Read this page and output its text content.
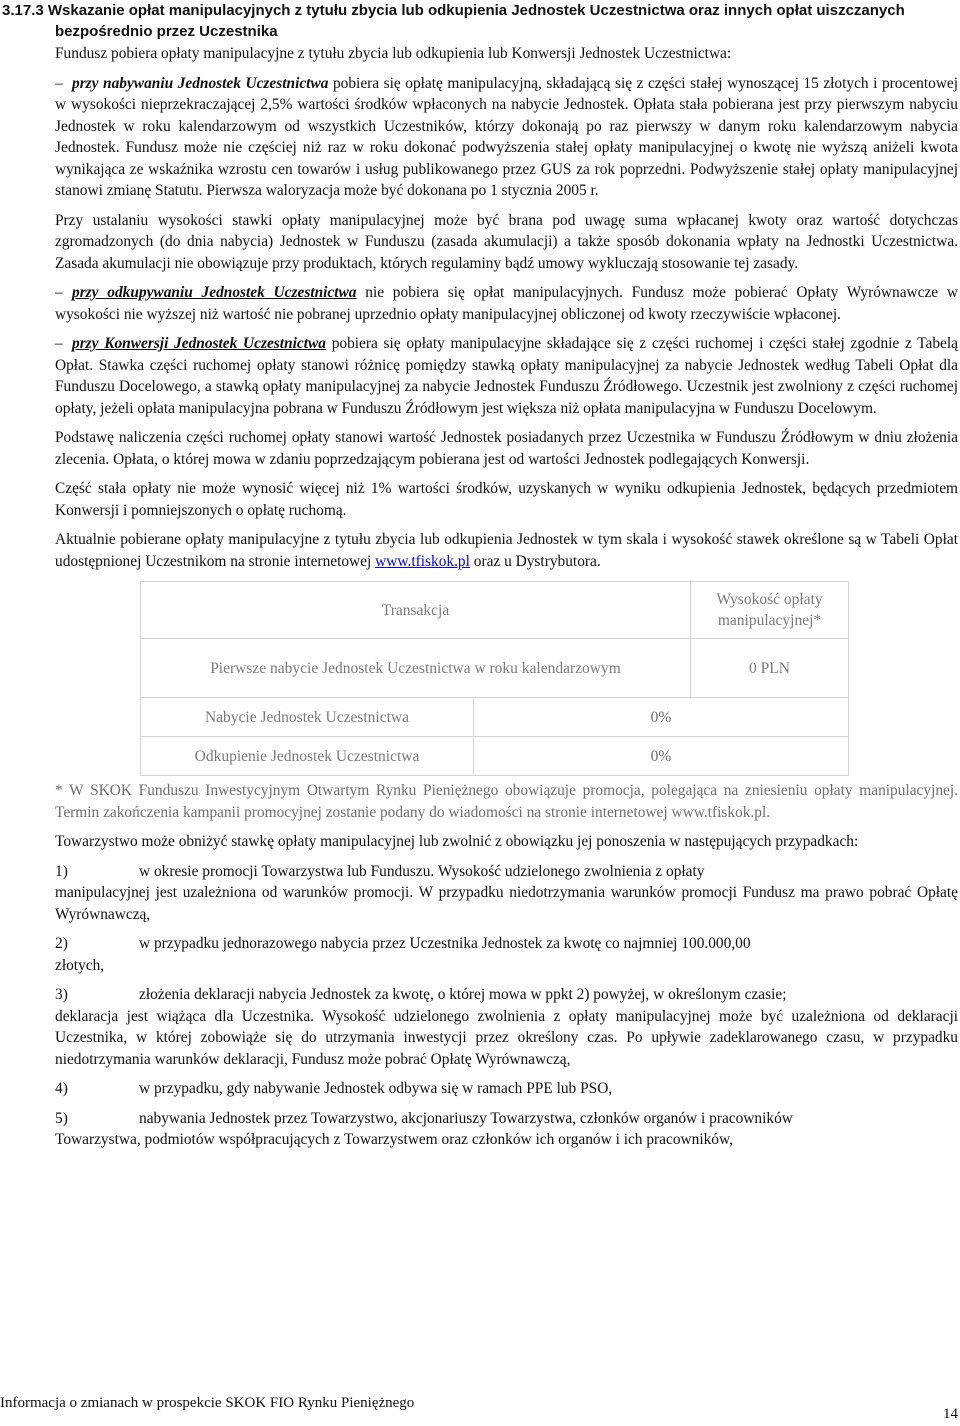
3.17.3 Wskazanie opłat manipulacyjnych z tytułu zbycia lub odkupienia Jednostek Uczestnictwa oraz innych opłat uiszczanych bezpośrednio przez Uczestnika
Fundusz pobiera opłaty manipulacyjne z tytułu zbycia lub odkupienia lub Konwersji Jednostek Uczestnictwa:
– przy nabywaniu Jednostek Uczestnictwa pobiera się opłatę manipulacyjną, składającą się z części stałej wynoszącej 15 złotych i procentowej w wysokości nieprzekraczającej 2,5% wartości środków wpłaconych na nabycie Jednostek. Opłata stała pobierana jest przy pierwszym nabyciu Jednostek w roku kalendarzowym od wszystkich Uczestników, którzy dokonają po raz pierwszy w danym roku kalendarzowym nabycia Jednostek. Fundusz może nie częściej niż raz w roku dokonać podwyższenia stałej opłaty manipulacyjnej o kwotę nie wyższą aniżeli kwota wynikająca ze wskaźnika wzrostu cen towarów i usług publikowanego przez GUS za rok poprzedni. Podwyższenie stałej opłaty manipulacyjnej stanowi zmianę Statutu. Pierwsza waloryzacja może być dokonana po 1 stycznia 2005 r.
Przy ustalaniu wysokości stawki opłaty manipulacyjnej może być brana pod uwagę suma wpłacanej kwoty oraz wartość dotychczas zgromadzonych (do dnia nabycia) Jednostek w Funduszu (zasada akumulacji) a także sposób dokonania wpłaty na Jednostki Uczestnictwa. Zasada akumulacji nie obowiązuje przy produktach, których regulaminy bądź umowy wykluczają stosowanie tej zasady.
– przy odkupywaniu Jednostek Uczestnictwa nie pobiera się opłat manipulacyjnych. Fundusz może pobierać Opłaty Wyrównawcze w wysokości nie wyższej niż wartość nie pobranej uprzednio opłaty manipulacyjnej obliczonej od kwoty rzeczywiście wpłaconej.
– przy Konwersji Jednostek Uczestnictwa pobiera się opłaty manipulacyjne składające się z części ruchomej i części stałej zgodnie z Tabelą Opłat. Stawka części ruchomej opłaty stanowi różnicę pomiędzy stawką opłaty manipulacyjnej za nabycie Jednostek według Tabeli Opłat dla Funduszu Docelowego, a stawką opłaty manipulacyjnej za nabycie Jednostek Funduszu Źródłowego. Uczestnik jest zwolniony z części ruchomej opłaty, jeżeli opłata manipulacyjna pobrana w Funduszu Źródłowym jest większa niż opłata manipulacyjna w Funduszu Docelowym.
Podstawę naliczenia części ruchomej opłaty stanowi wartość Jednostek posiadanych przez Uczestnika w Funduszu Źródłowym w dniu złożenia zlecenia. Opłata, o której mowa w zdaniu poprzedzającym pobierana jest od wartości Jednostek podlegających Konwersji.
Część stała opłaty nie może wynosić więcej niż 1% wartości środków, uzyskanych w wyniku odkupienia Jednostek, będących przedmiotem Konwersji i pomniejszonych o opłatę ruchomą.
Aktualnie pobierane opłaty manipulacyjne z tytułu zbycia lub odkupienia Jednostek w tym skala i wysokość stawek określone są w Tabeli Opłat udostępnionej Uczestnikom na stronie internetowej www.tfiskok.pl oraz u Dystrybutora.
Transakcja		Wysokość opłaty manipulacyjnej*
Pierwsze nabycie Jednostek Uczestnictwa w roku kalendarzowym		0 PLN
Nabycie Jednostek Uczestnictwa	0%	
Odkupienie Jednostek Uczestnictwa	0%	
* W SKOK Funduszu Inwestycyjnym Otwartym Rynku Pieniężnego obowiązuje promocja, polegająca na zniesieniu opłaty manipulacyjnej. Termin zakończenia kampanii promocyjnej zostanie podany do wiadomości na stronie internetowej www.tfiskok.pl.
Towarzystwo może obniżyć stawkę opłaty manipulacyjnej lub zwolnić z obowiązku jej ponoszenia w następujących przypadkach:
1)	w okresie promocji Towarzystwa lub Funduszu. Wysokość udzielonego zwolnienia z opłaty
manipulacyjnej jest uzależniona od warunków promocji. W przypadku niedotrzymania warunków promocji Fundusz ma prawo pobrać Opłatę Wyrównawczą,
2)	w przypadku jednorazowego nabycia przez Uczestnika Jednostek za kwotę co najmniej 100.000,00
złotych,
3)	złożenia deklaracji nabycia Jednostek za kwotę, o której mowa w ppkt 2) powyżej, w określonym czasie;
deklaracja jest wiążąca dla Uczestnika. Wysokość udzielonego zwolnienia z opłaty manipulacyjnej może być uzależniona od deklaracji Uczestnika, w której zobowiąże się do utrzymania inwestycji przez określony czas. Po upływie zadeklarowanego czasu, w przypadku niedotrzymania warunków deklaracji, Fundusz może pobrać Opłatę Wyrównawczą,
4)	w przypadku, gdy nabywanie Jednostek odbywa się w ramach PPE lub PSO,
5)	nabywania Jednostek przez Towarzystwo, akcjonariuszy Towarzystwa, członków organów i pracowników
Towarzystwa, podmiotów współpracujących z Towarzystwem oraz członków ich organów i ich pracowników,
Informacja o zmianach w prospekcie SKOK FIO Rynku Pieniężnego
14
